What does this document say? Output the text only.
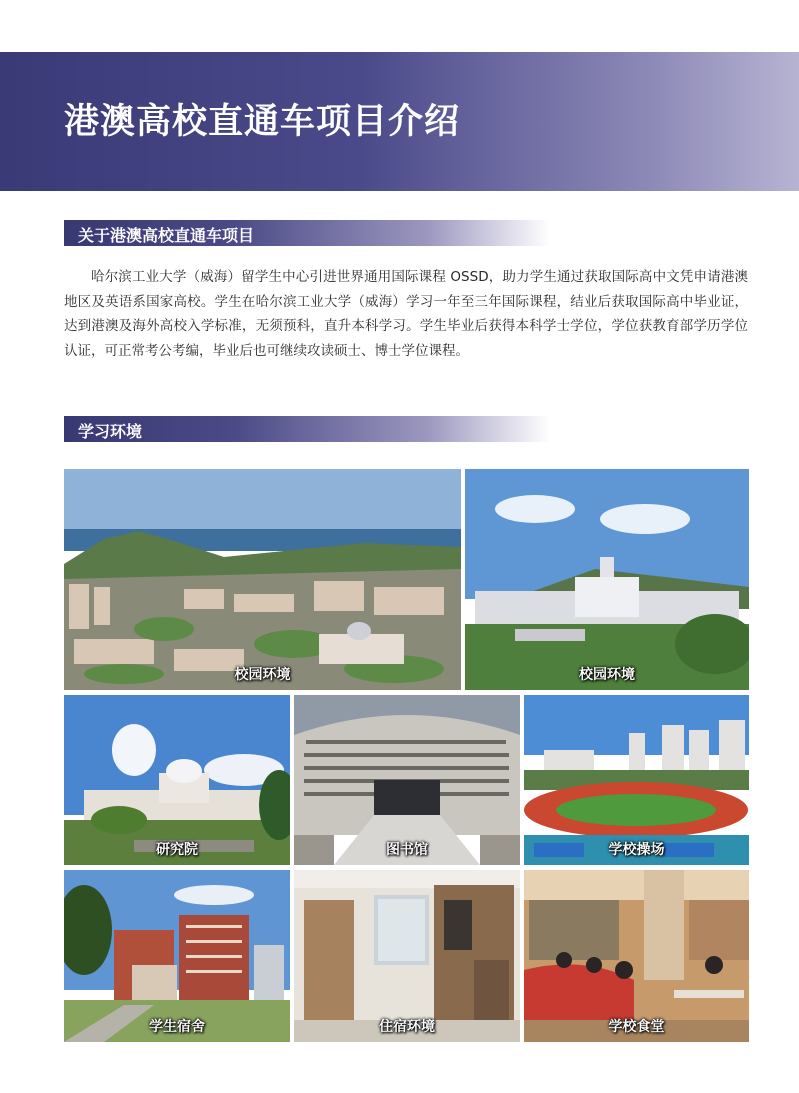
港澳高校直通车项目介绍
关于港澳高校直通车项目

哈尔滨工业大学（威海）留学生中心引进世界通用国际课程 OSSD，助力学生通过获取国际高中文凭申请港澳地区及英语系国家高校。学生在哈尔滨工业大学（威海）学习一年至三年国际课程，结业后获取国际高中毕业证，达到港澳及海外高校入学标准，无须预科，直升本科学习。学生毕业后获得本科学士学位，学位获教育部学历学位认证，可正常考公考编，毕业后也可继续攻读硕士、博士学位课程。

学习环境
校园环境	校园环境
研究院	图书馆	学校操场
学生宿舍	住宿环境	学校食堂
